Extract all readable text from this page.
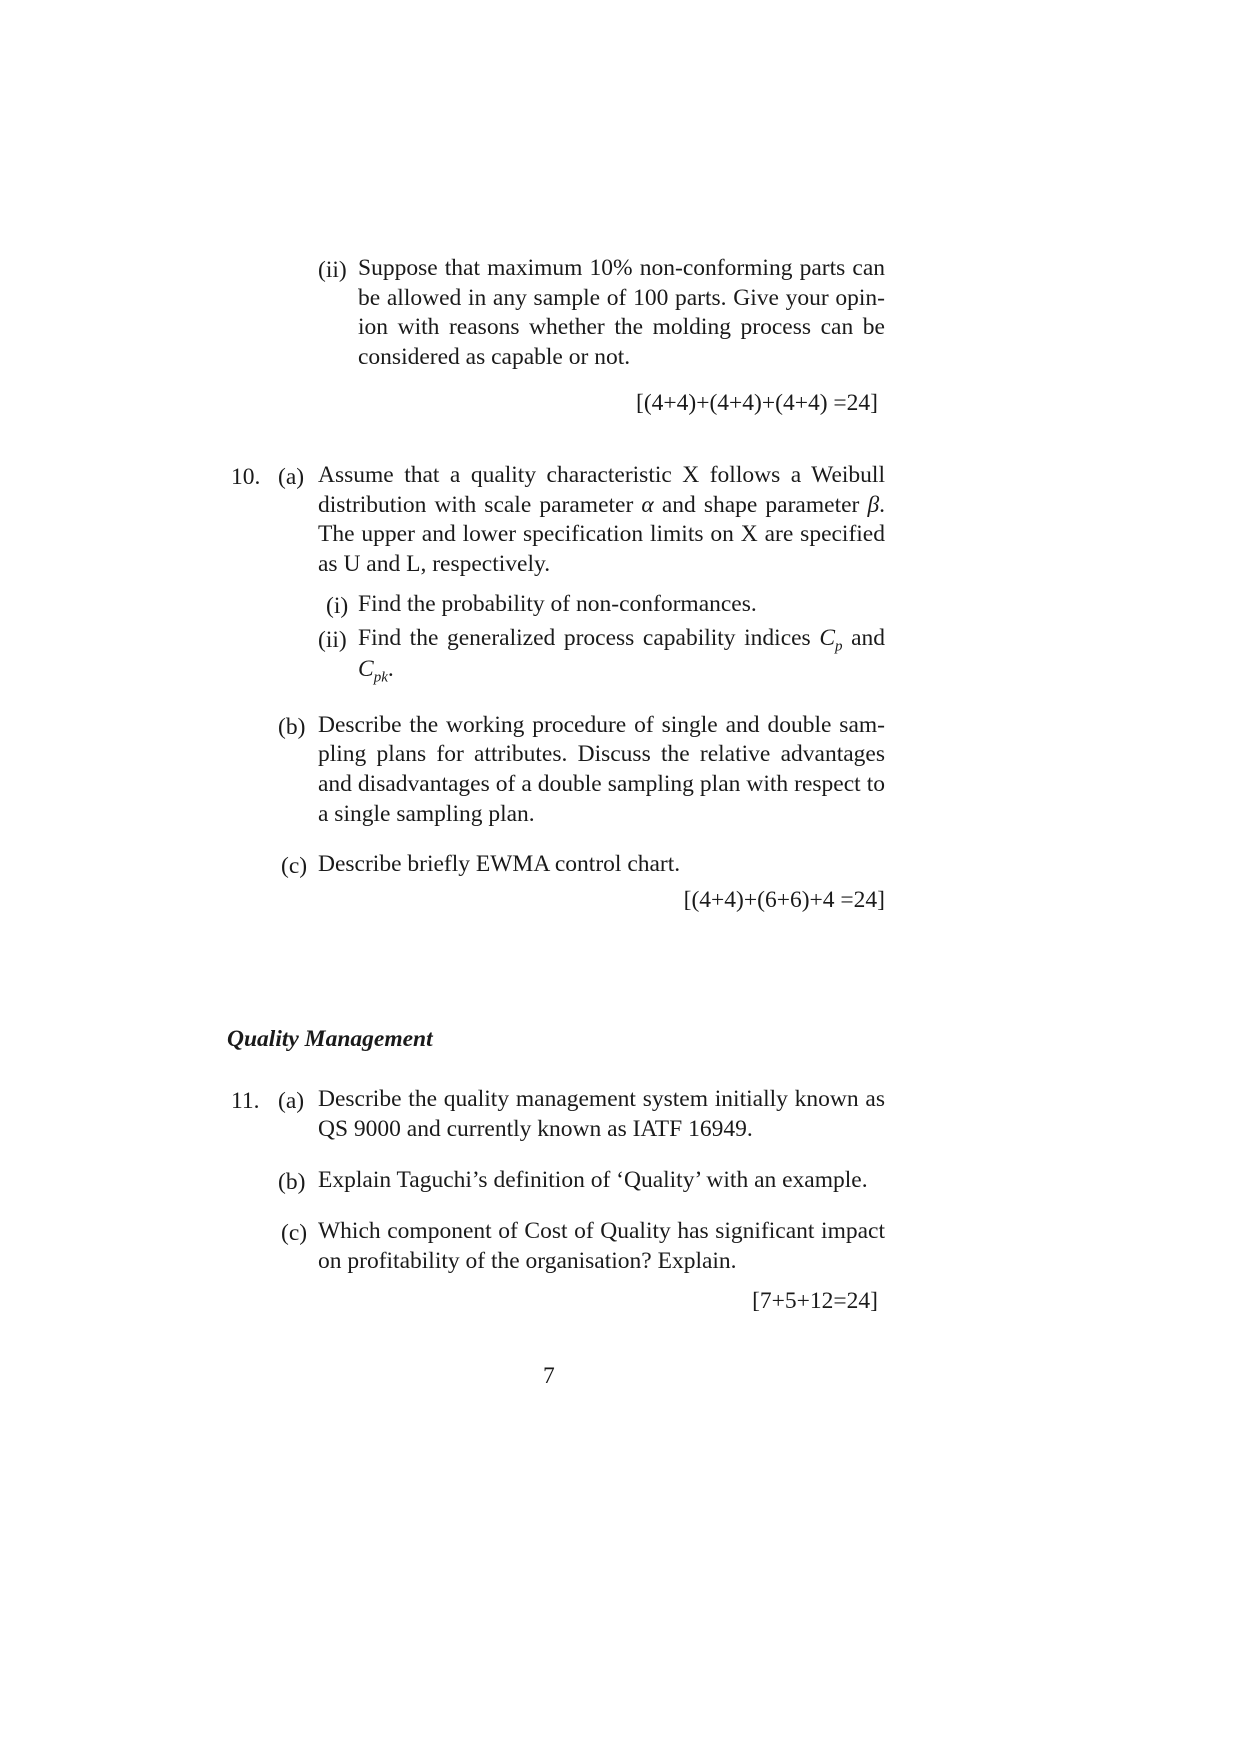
(ii) Suppose that maximum 10% non-conforming parts can
be allowed in any sample of 100 parts. Give your opin-
ion with reasons whether the molding process can be
considered as capable or not.
[(4+4)+(4+4)+(4+4) =24]
10. (a) Assume that a quality characteristic X follows a Weibull
distribution with scale parameter α and shape parameter β.
The upper and lower specification limits on X are specified
as U and L, respectively.
(i) Find the probability of non-conformances.
(ii) Find the generalized process capability indices $C_p$ and
$C_{pk}$.
(b) Describe the working procedure of single and double sam-
pling plans for attributes. Discuss the relative advantages
and disadvantages of a double sampling plan with respect to
a single sampling plan.
(c) Describe briefly EWMA control chart.
[(4+4)+(6+6)+4 =24]
Quality Management
11. (a) Describe the quality management system initially known as
QS 9000 and currently known as IATF 16949.
(b) Explain Taguchi’s definition of ‘Quality’ with an example.
(c) Which component of Cost of Quality has significant impact
on profitability of the organisation? Explain.
[7+5+12=24]
7
